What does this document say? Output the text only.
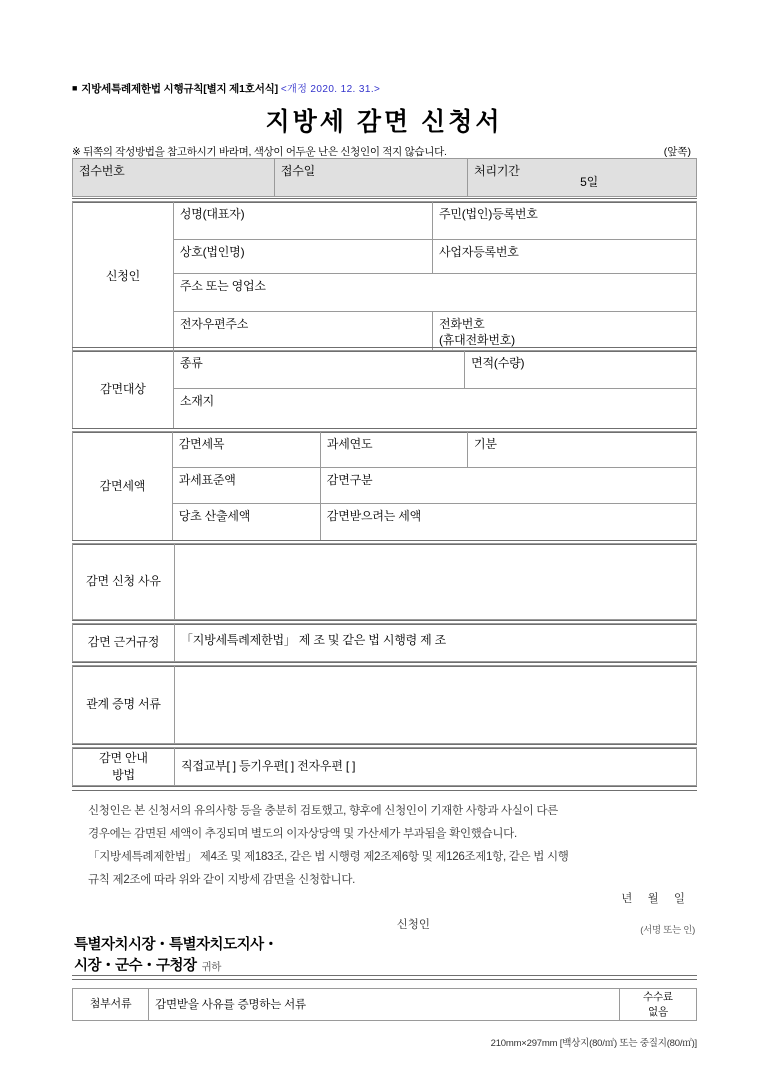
■ 지방세특례제한법 시행규칙[별지 제1호서식] <개정 2020. 12. 31.>
지방세 감면 신청서
※ 뒤쪽의 작성방법을 참고하시기 바라며, 색상이 어두운 난은 신청인이 적지 않습니다.	(앞쪽)
접수번호	접수일	처리기간
5일
신청인	성명(대표자)	주민(법인)등록번호
	상호(법인명)	사업자등록번호
	주소 또는 영업소	
	전자우편주소	전화번호
(휴대전화번호)
감면대상	종류	면적(수량)
소재지
감면세액	감면세목	과세연도	기분
	과세표준액	감면구분	
	당초 산출세액	감면받으려는 세액	
감면 신청 사유	
감면 근거규정	「지방세특례제한법」 제 조 및 같은 법 시행령 제 조
관계 증명 서류	
감면 안내
방법
	직접교부[ ] 등기우편[ ] 전자우편 [ ]

신청인은 본 신청서의 유의사항 등을 충분히 검토했고, 향후에 신청인이 기재한 사항과 사실이 다른

경우에는 감면된 세액이 추징되며 별도의 이자상당액 및 가산세가 부과됨을 확인했습니다.

「지방세특례제한법」 제4조 및 제183조, 같은 법 시행령 제2조제6항 및 제126조제1항, 같은 법 시행

규칙 제2조에 따라 위와 같이 지방세 감면을 신청합니다.

년 월 일
신청인	(서명 또는 인)
특별자치시장・특별자치도지사・
시장・군수・구청장 귀하
첨부서류	감면받을 사유를 증명하는 서류	
수수료
없음
210mm×297mm [백상지(80/㎡) 또는 중질지(80/㎡)]
